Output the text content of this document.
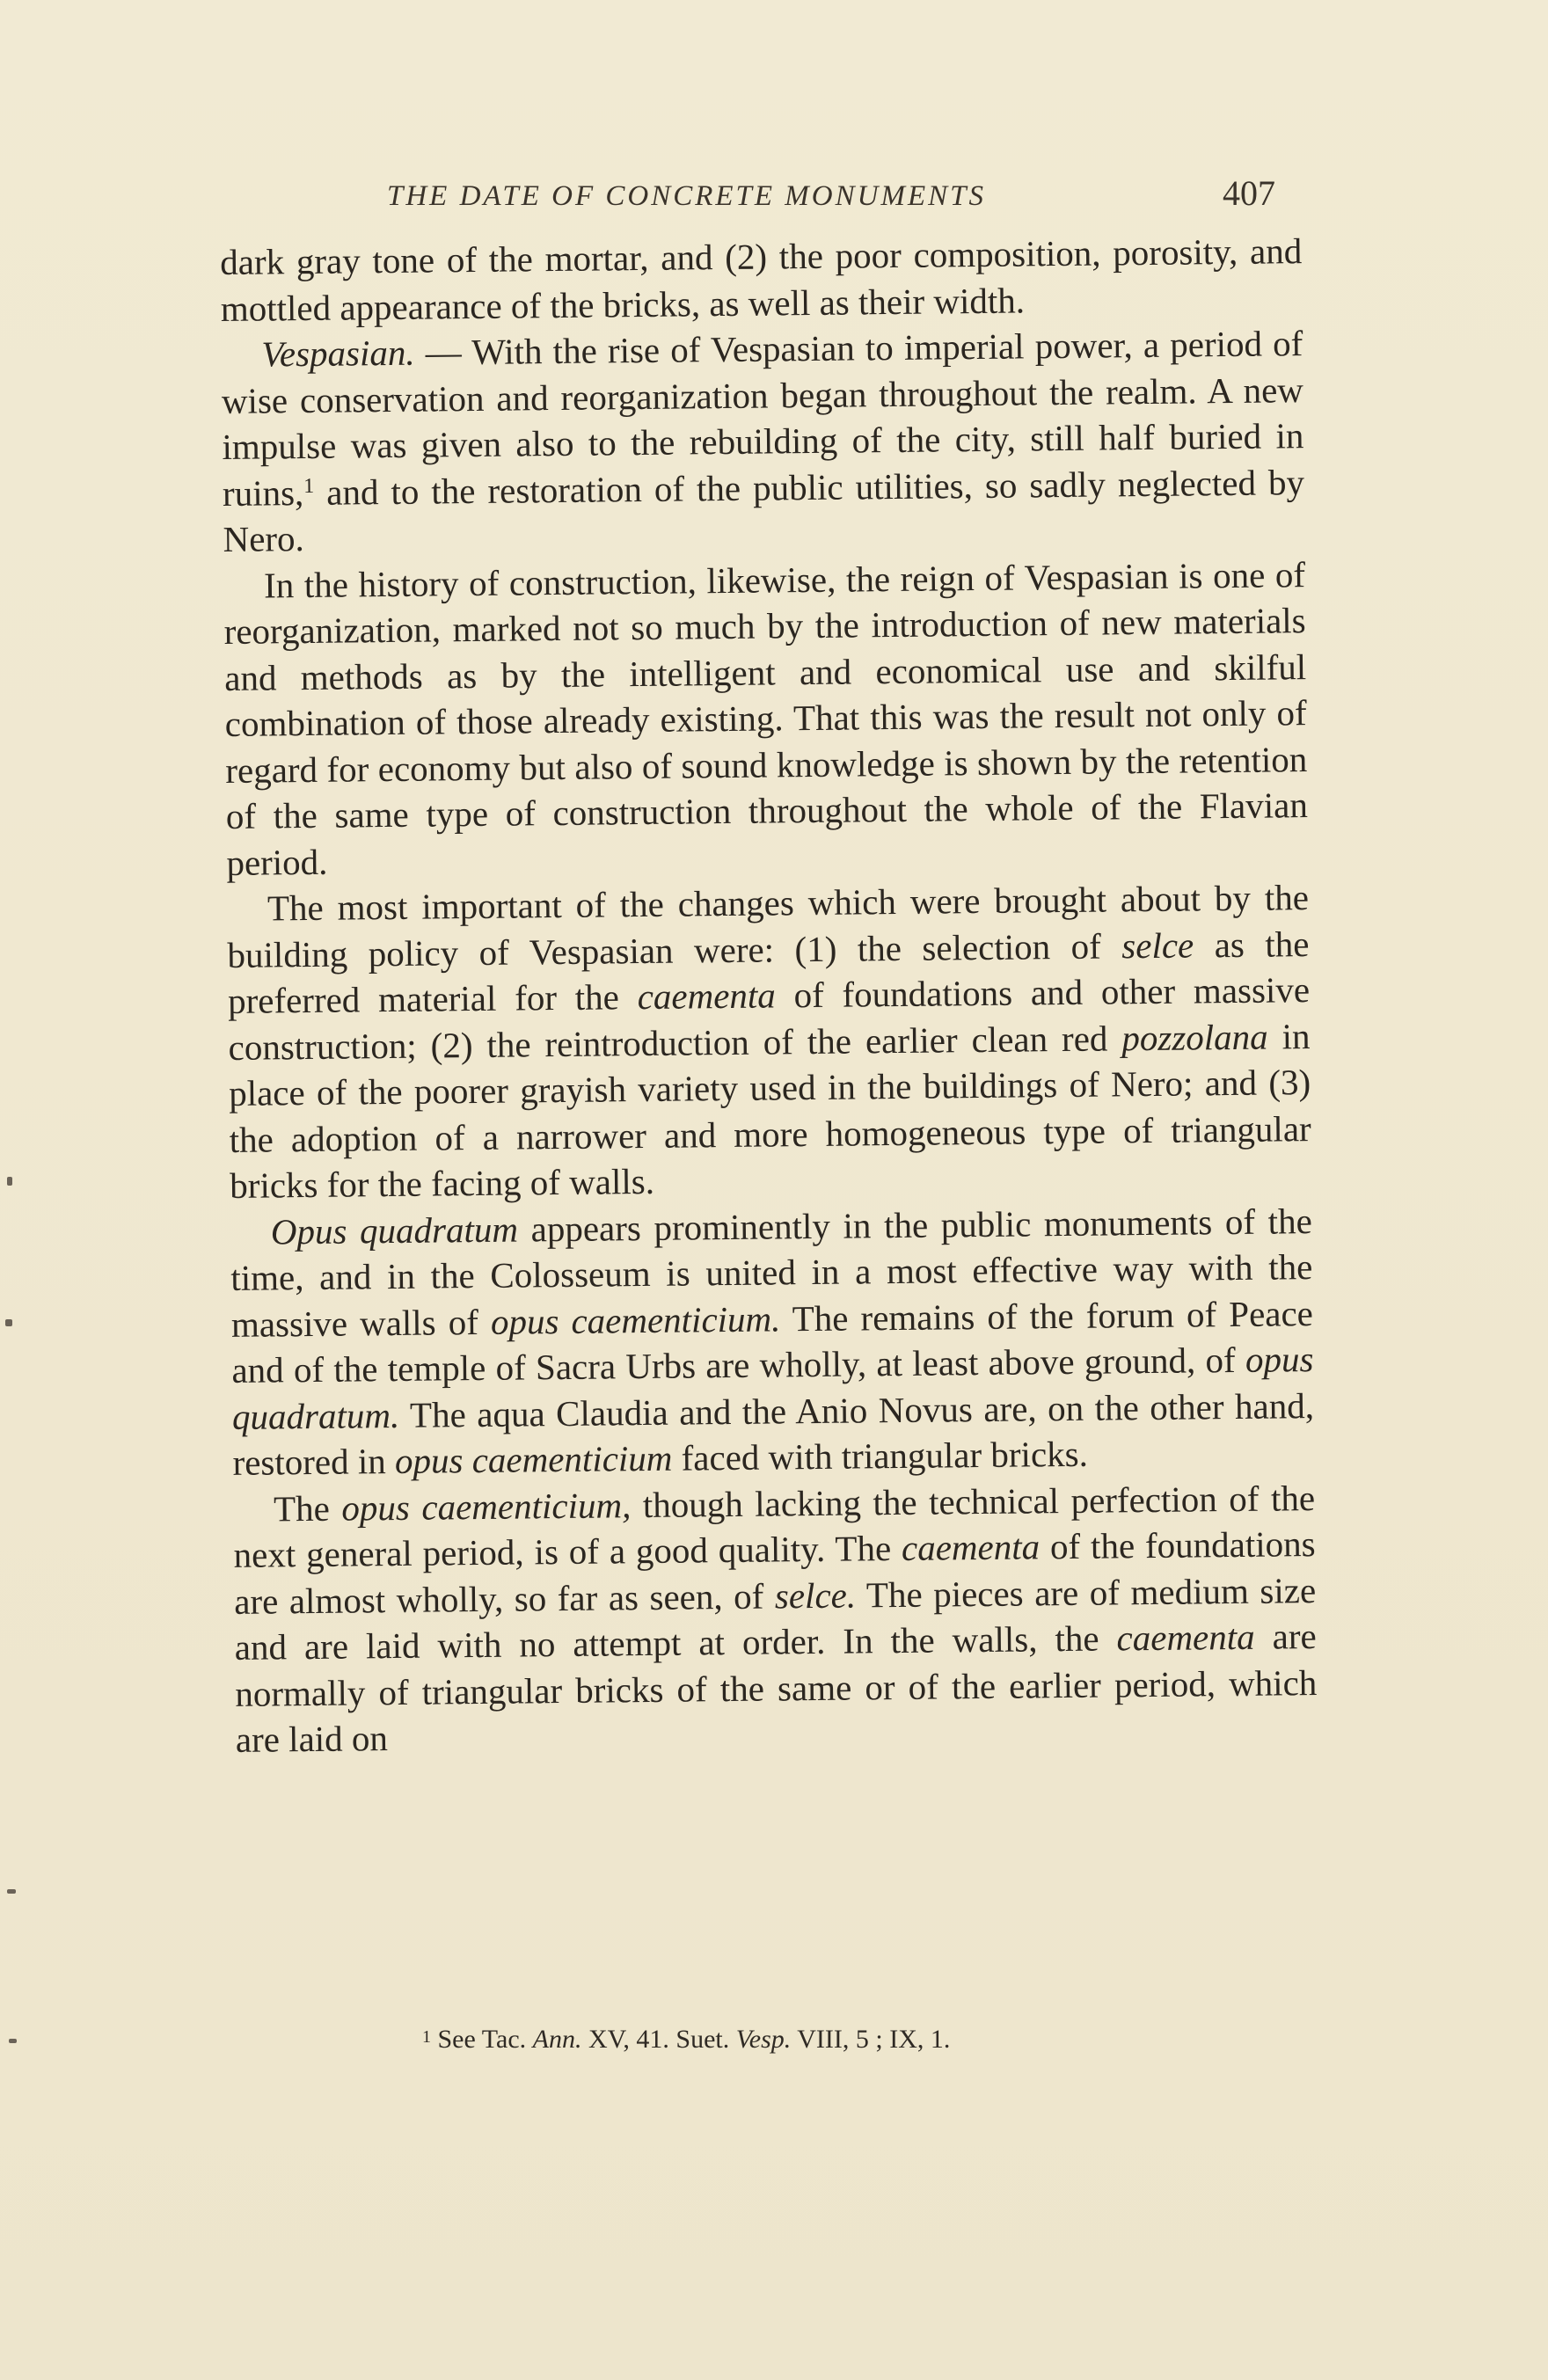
THE DATE OF CONCRETE MONUMENTS	407

dark gray tone of the mortar, and (2) the poor composition, porosity, and mottled appearance of the bricks, as well as their width.

Vespasian. — With the rise of Vespasian to imperial power, a period of wise conservation and reorganization began throughout the realm. A new impulse was given also to the rebuilding of the city, still half buried in ruins,$^1$ and to the restoration of the public utilities, so sadly neglected by Nero.

In the history of construction, likewise, the reign of Vespasian is one of reorganization, marked not so much by the introduction of new materials and methods as by the intelligent and economical use and skilful combination of those already existing. That this was the result not only of regard for economy but also of sound knowledge is shown by the retention of the same type of construction throughout the whole of the Flavian period.

The most important of the changes which were brought about by the building policy of Vespasian were: (1) the selection of selce as the preferred material for the caementa of foundations and other massive construction; (2) the reintroduction of the earlier clean red pozzolana in place of the poorer grayish variety used in the buildings of Nero; and (3) the adoption of a narrower and more homogeneous type of triangular bricks for the facing of walls.

Opus quadratum appears prominently in the public monuments of the time, and in the Colosseum is united in a most effective way with the massive walls of opus caementicium. The remains of the forum of Peace and of the temple of Sacra Urbs are wholly, at least above ground, of opus quadratum. The aqua Claudia and the Anio Novus are, on the other hand, restored in opus caementicium faced with triangular bricks.

The opus caementicium, though lacking the technical perfection of the next general period, is of a good quality. The caementa of the foundations are almost wholly, so far as seen, of selce. The pieces are of medium size and are laid with no attempt at order. In the walls, the caementa are normally of triangular bricks of the same or of the earlier period, which are laid on

$^1$ See Tac. Ann. XV, 41. Suet. Vesp. VIII, 5 ; IX, 1.
